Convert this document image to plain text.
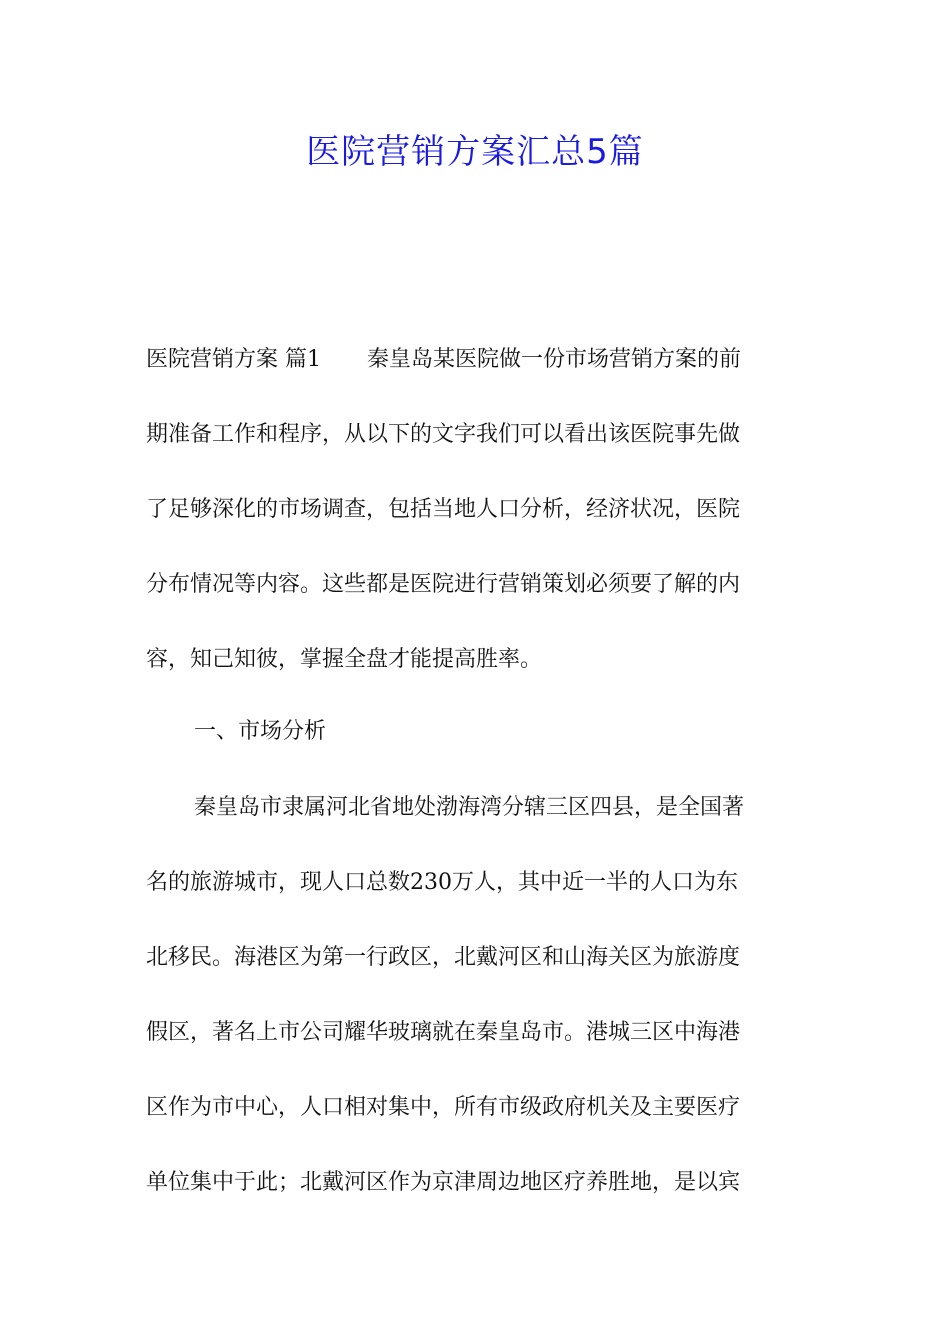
医院营销方案汇总5篇
医院营销方案 篇1 秦皇岛某医院做一份市场营销方案的前
期准备工作和程序，从以下的文字我们可以看出该医院事先做
了足够深化的市场调查，包括当地人口分析，经济状况，医院
分布情况等内容。这些都是医院进行营销策划必须要了解的内
容，知己知彼，掌握全盘才能提高胜率。

一、市场分析

秦皇岛市隶属河北省地处渤海湾分辖三区四县，是全国著
名的旅游城市，现人口总数230万人，其中近一半的人口为东
北移民。海港区为第一行政区，北戴河区和山海关区为旅游度
假区，著名上市公司耀华玻璃就在秦皇岛市。港城三区中海港
区作为市中心，人口相对集中，所有市级政府机关及主要医疗
单位集中于此；北戴河区作为京津周边地区疗养胜地，是以宾
